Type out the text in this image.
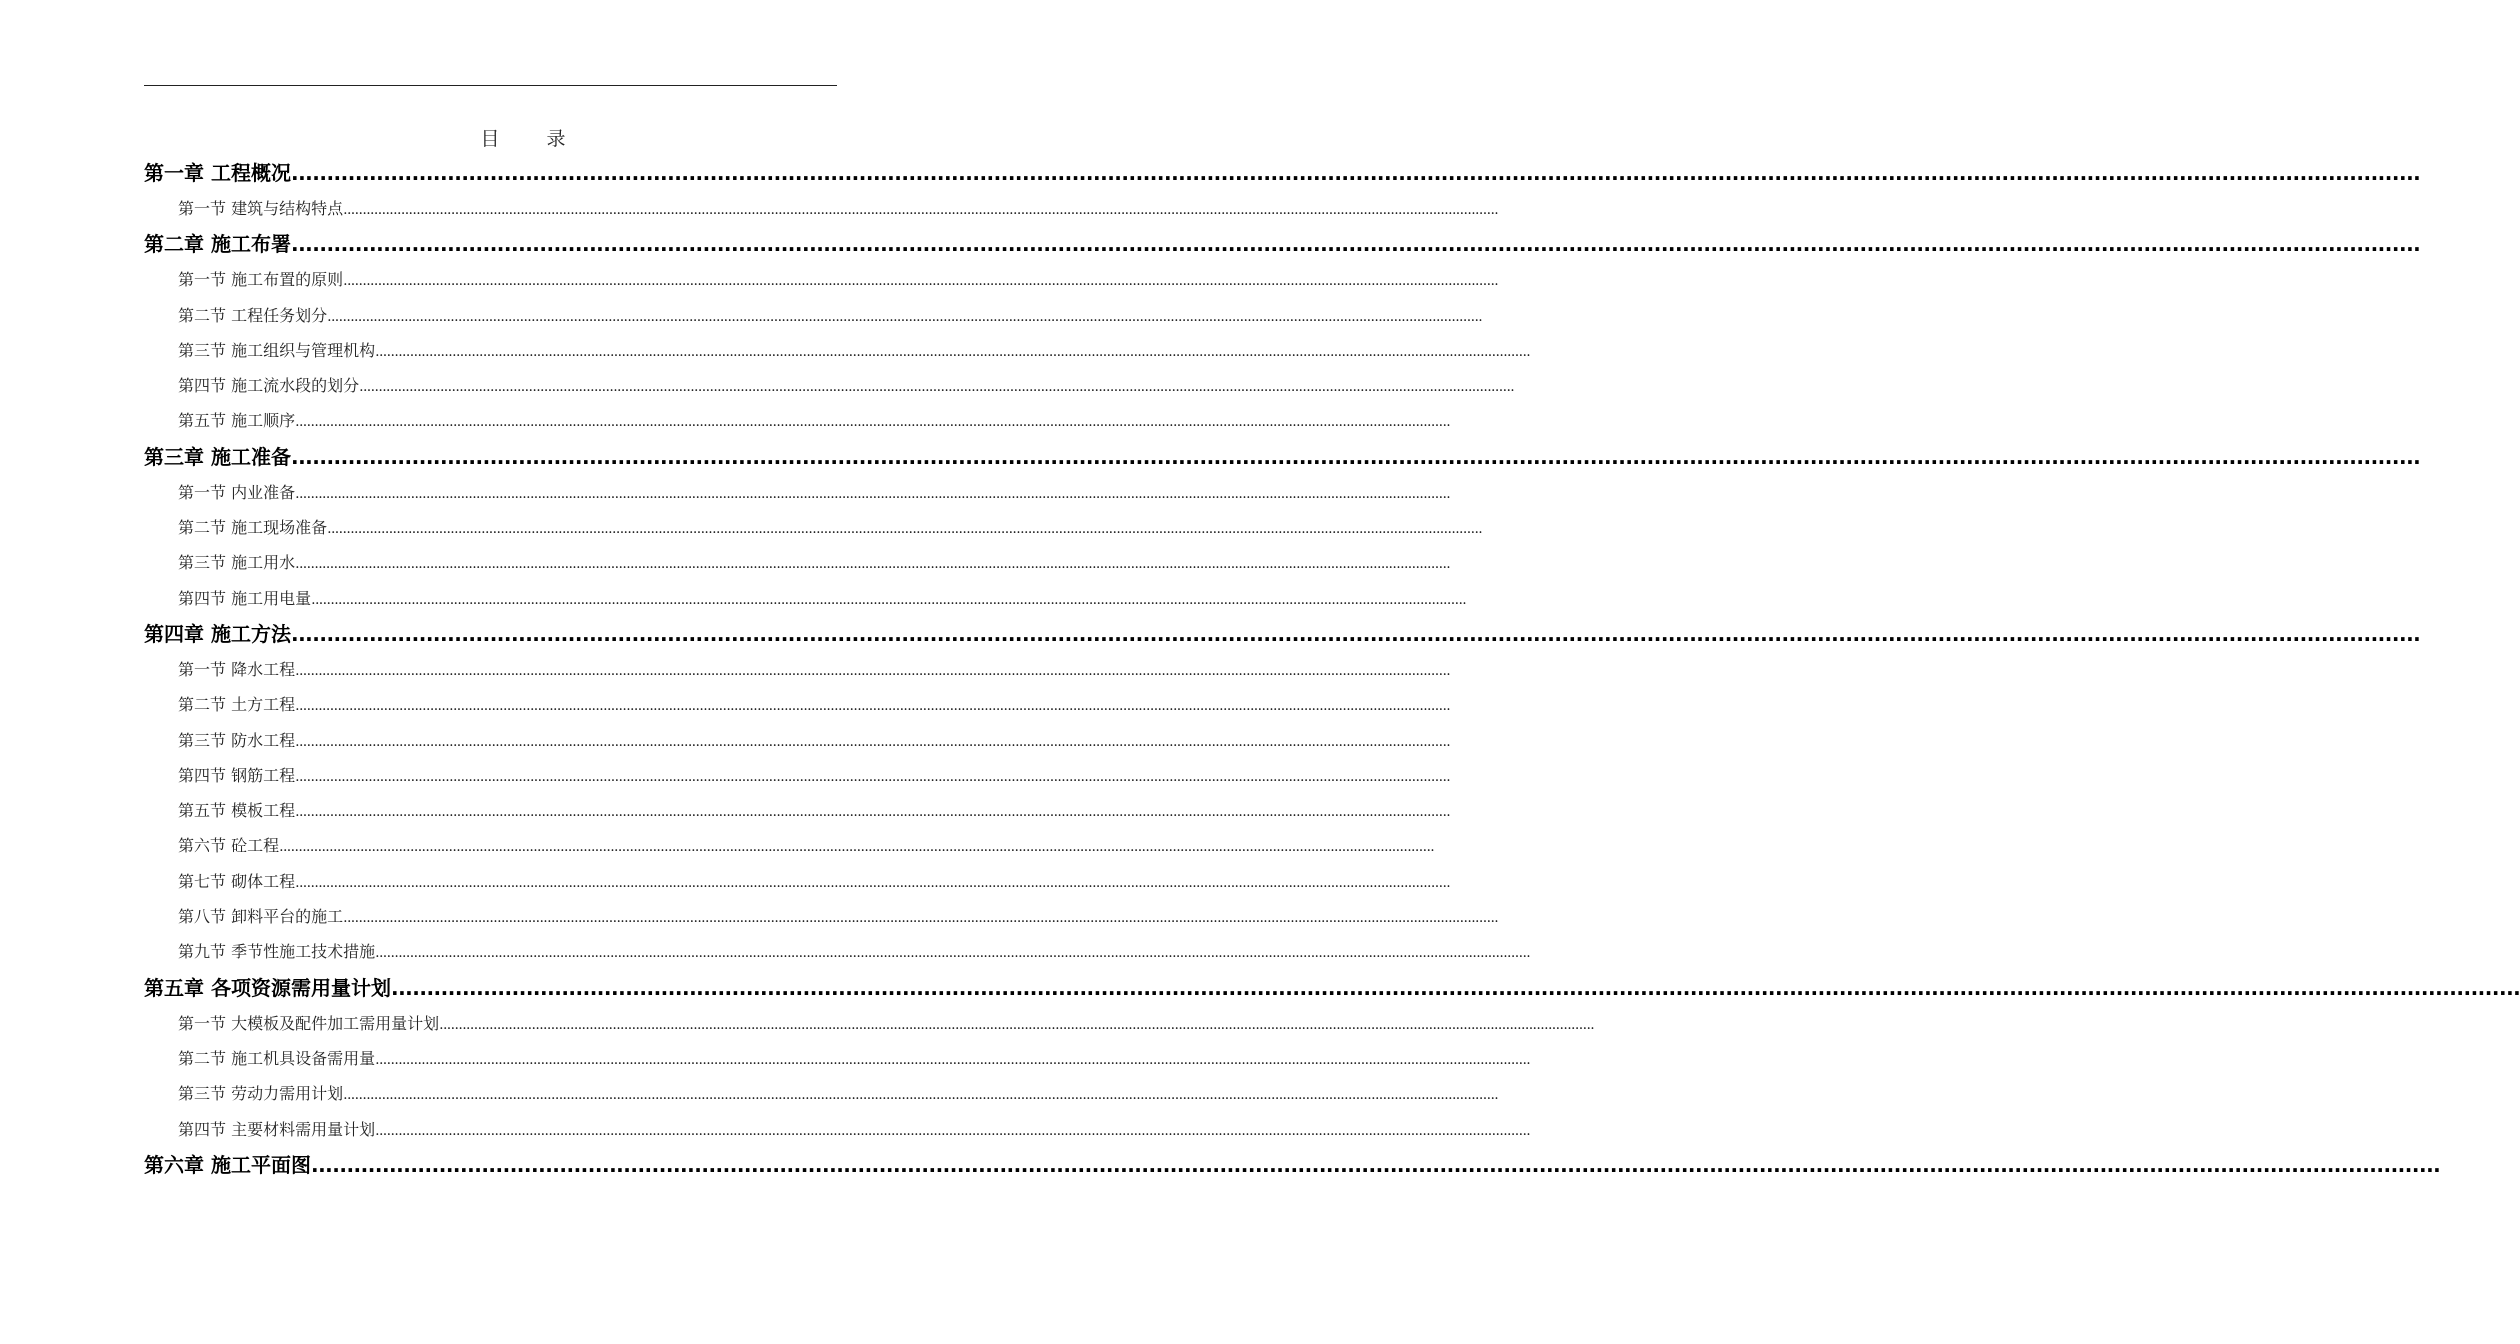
目　录
第一章 工程概况 ............................................................................................................................................................................................................................................................................................................
第一节 建筑与结构特点 ............................................................................................................................................................................................................................................................................................................
第二章 施工布署 ............................................................................................................................................................................................................................................................................................................
第一节 施工布置的原则 ............................................................................................................................................................................................................................................................................................................
第二节 工程任务划分 ............................................................................................................................................................................................................................................................................................................
第三节 施工组织与管理机构 ............................................................................................................................................................................................................................................................................................................
第四节 施工流水段的划分 ............................................................................................................................................................................................................................................................................................................
第五节 施工顺序 ............................................................................................................................................................................................................................................................................................................
第三章 施工准备 ............................................................................................................................................................................................................................................................................................................
第一节 内业准备 ............................................................................................................................................................................................................................................................................................................
第二节 施工现场准备 ............................................................................................................................................................................................................................................................................................................
第三节 施工用水 ............................................................................................................................................................................................................................................................................................................
第四节 施工用电量 ............................................................................................................................................................................................................................................................................................................
第四章 施工方法 ............................................................................................................................................................................................................................................................................................................
第一节 降水工程 ............................................................................................................................................................................................................................................................................................................
第二节 土方工程 ............................................................................................................................................................................................................................................................................................................
第三节 防水工程 ............................................................................................................................................................................................................................................................................................................
第四节 钢筋工程 ............................................................................................................................................................................................................................................................................................................
第五节 模板工程 ............................................................................................................................................................................................................................................................................................................
第六节 砼工程 ............................................................................................................................................................................................................................................................................................................
第七节 砌体工程 ............................................................................................................................................................................................................................................................................................................
第八节 卸料平台的施工 ............................................................................................................................................................................................................................................................................................................
第九节 季节性施工技术措施 ............................................................................................................................................................................................................................................................................................................
第五章 各项资源需用量计划 ............................................................................................................................................................................................................................................................................................................
第一节 大模板及配件加工需用量计划 ............................................................................................................................................................................................................................................................................................................
第二节 施工机具设备需用量 ............................................................................................................................................................................................................................................................................................................
第三节 劳动力需用计划 ............................................................................................................................................................................................................................................................................................................
第四节 主要材料需用量计划 ............................................................................................................................................................................................................................................................................................................
第六章 施工平面图 ............................................................................................................................................................................................................................................................................................................
